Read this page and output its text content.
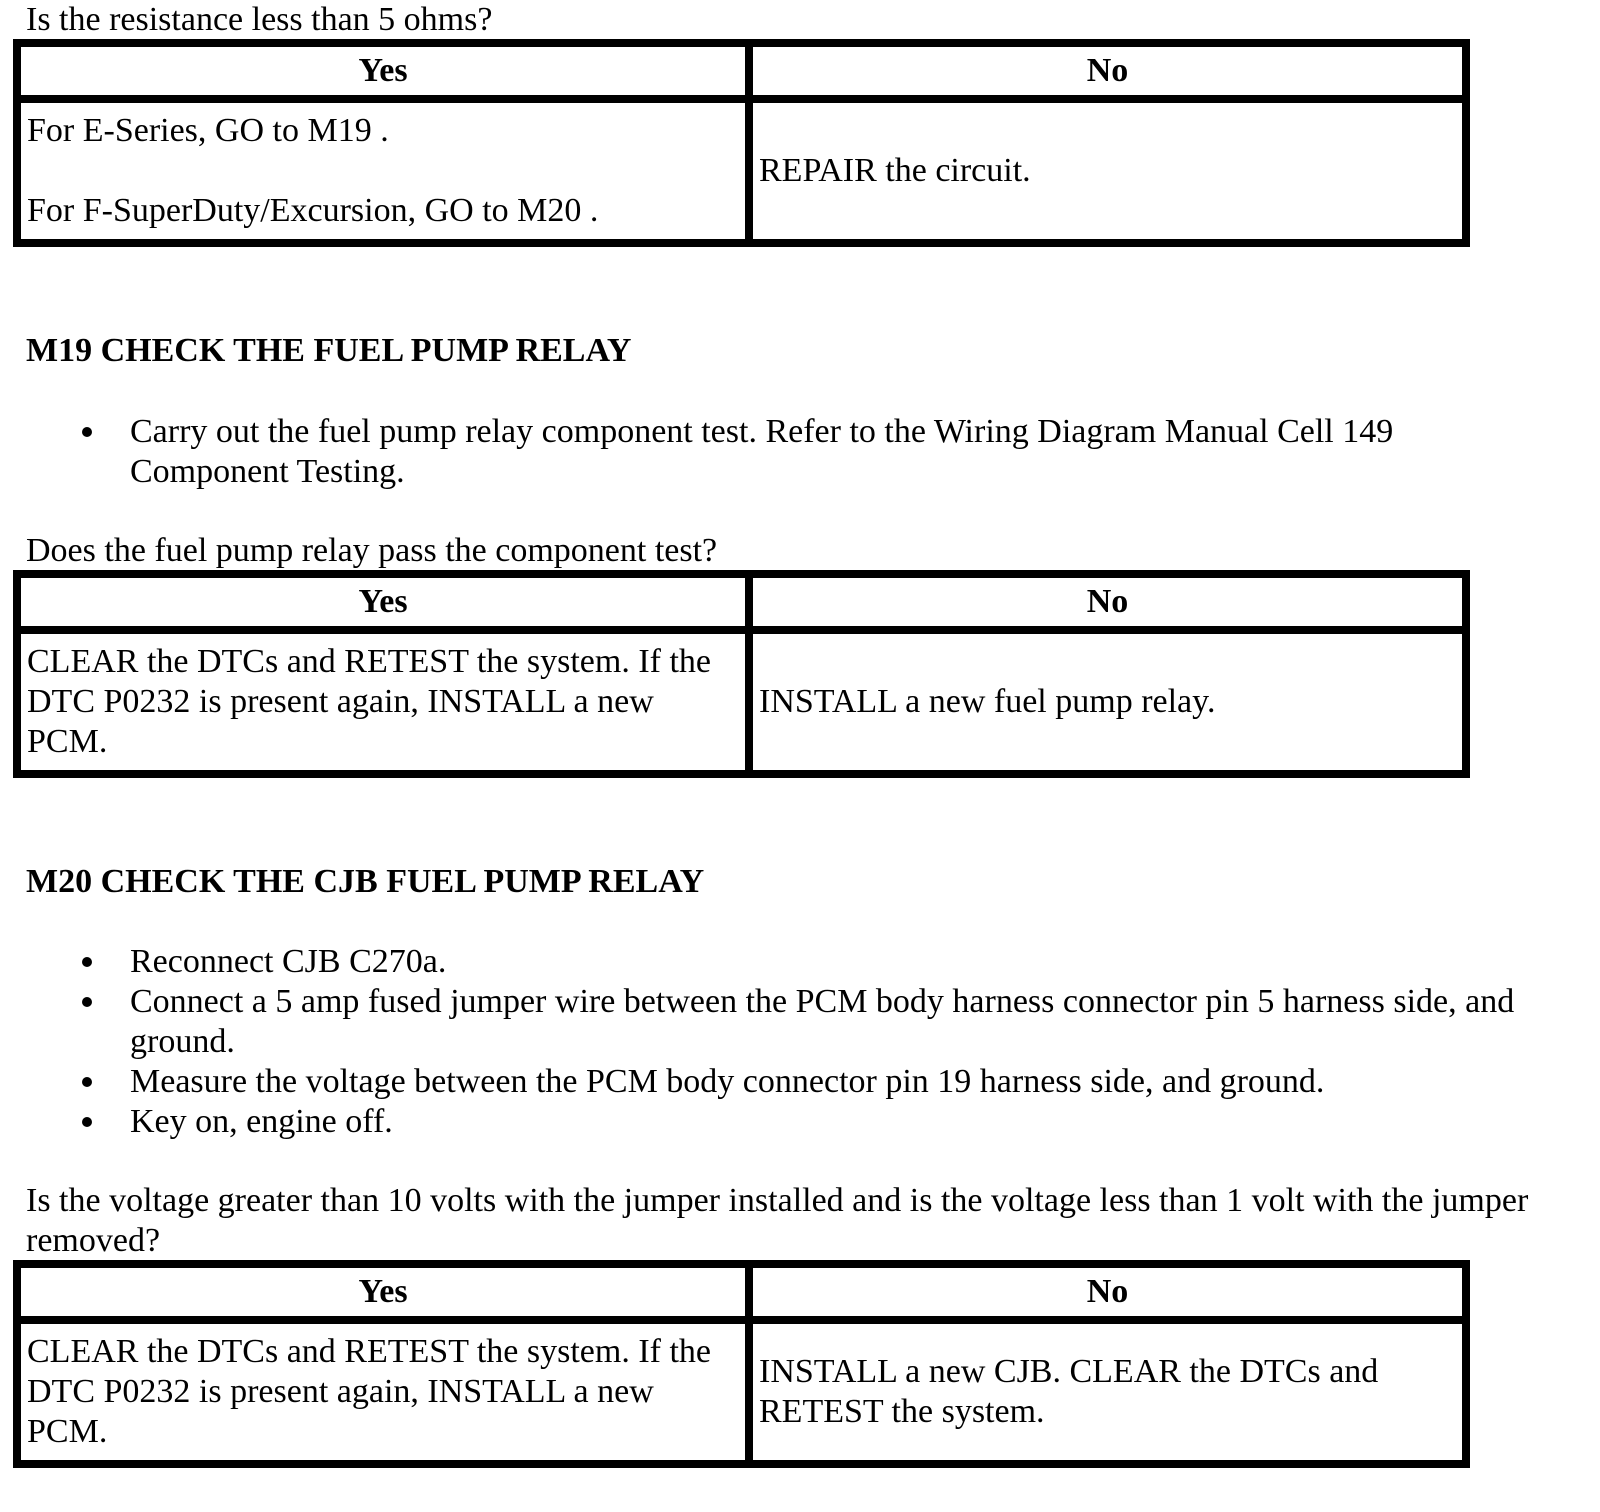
Is the resistance less than 5 ohms?
Yes	No

For E-Series, GO to M19 .
For F-SuperDuty/Excursion, GO to M20 .	REPAIR the circuit.
M19 CHECK THE FUEL PUMP RELAY
Carry out the fuel pump relay component test. Refer to the Wiring Diagram Manual Cell 149 Component Testing.
Does the fuel pump relay pass the component test?
Yes	No
CLEAR the DTCs and RETEST the system. If the DTC P0232 is present again, INSTALL a new PCM.	INSTALL a new fuel pump relay.
M20 CHECK THE CJB FUEL PUMP RELAY
Reconnect CJB C270a.
Connect a 5 amp fused jumper wire between the PCM body harness connector pin 5 harness side, and ground.
Measure the voltage between the PCM body connector pin 19 harness side, and ground.
Key on, engine off.
Is the voltage greater than 10 volts with the jumper installed and is the voltage less than 1 volt with the jumper removed?
Yes	No
CLEAR the DTCs and RETEST the system. If the DTC P0232 is present again, INSTALL a new PCM.	INSTALL a new CJB. CLEAR the DTCs and RETEST the system.
